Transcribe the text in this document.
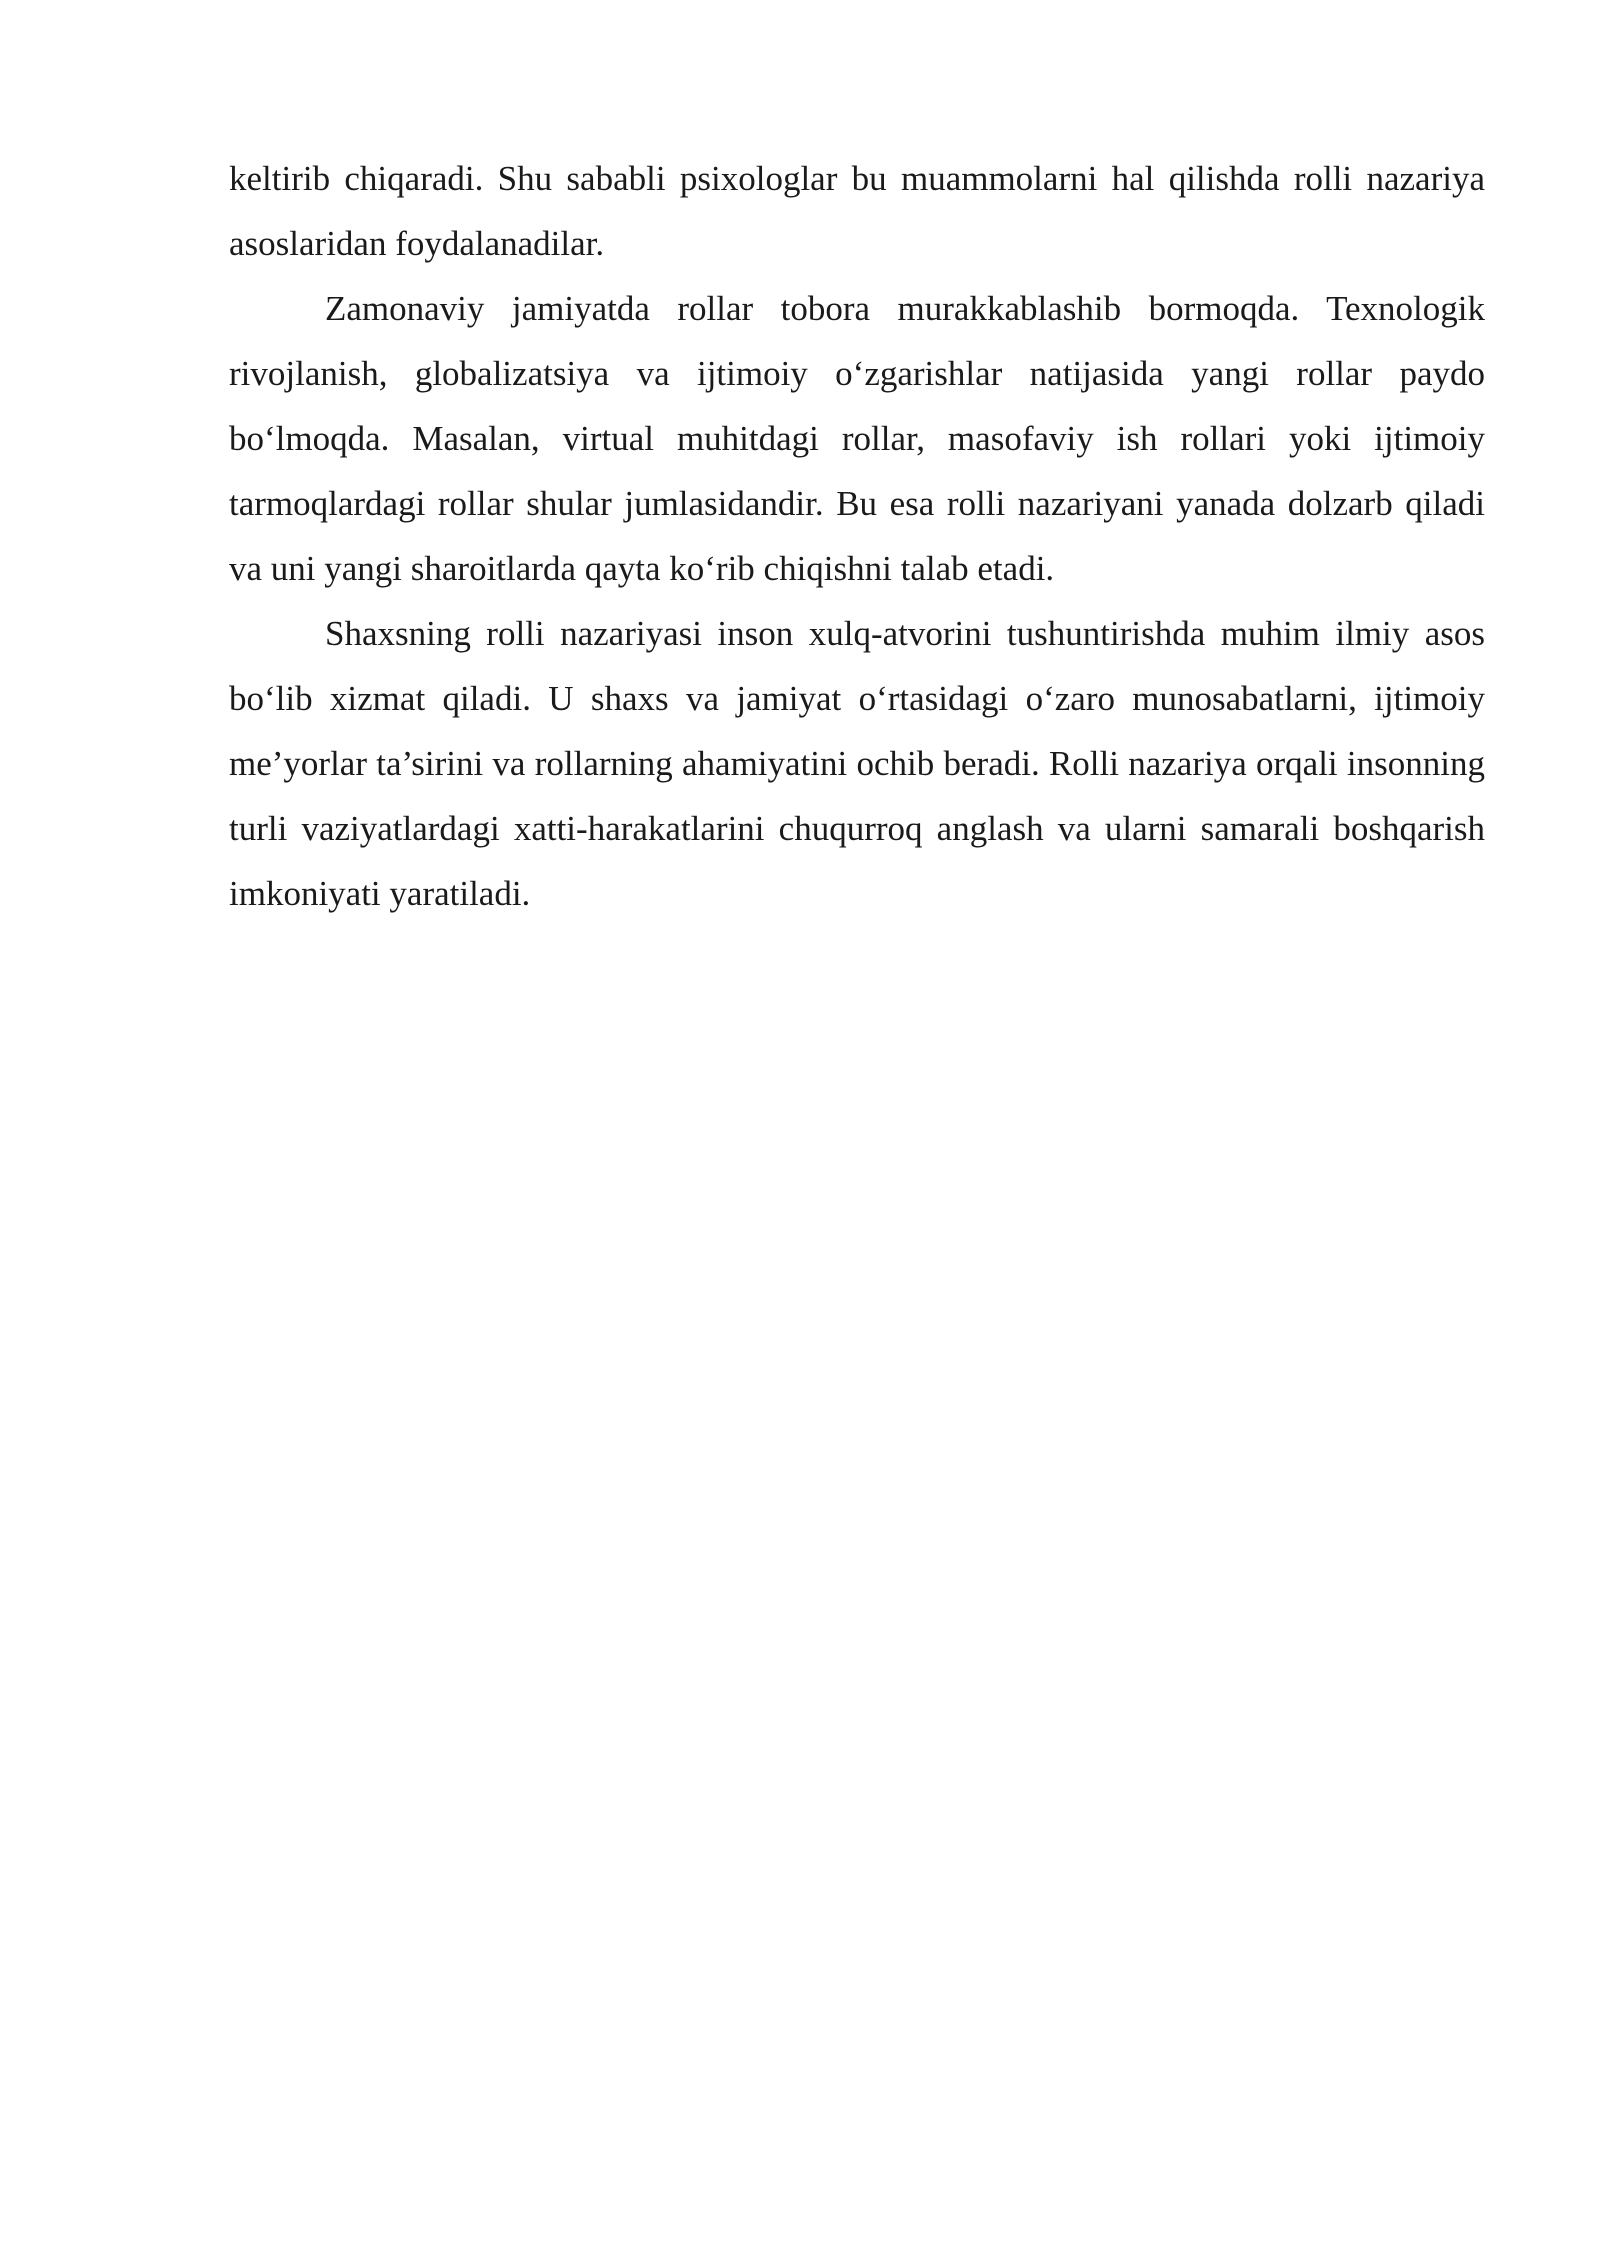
keltirib chiqaradi. Shu sababli psixologlar bu muammolarni hal qilishda rolli nazariya asoslaridan foydalanadilar.

Zamonaviy jamiyatda rollar tobora murakkablashib bormoqda. Texnologik rivojlanish, globalizatsiya va ijtimoiy o‘zgarishlar natijasida yangi rollar paydo bo‘lmoqda. Masalan, virtual muhitdagi rollar, masofaviy ish rollari yoki ijtimoiy tarmoqlardagi rollar shular jumlasidandir. Bu esa rolli nazariyani yanada dolzarb qiladi va uni yangi sharoitlarda qayta ko‘rib chiqishni talab etadi.

Shaxsning rolli nazariyasi inson xulq-atvorini tushuntirishda muhim ilmiy asos bo‘lib xizmat qiladi. U shaxs va jamiyat o‘rtasidagi o‘zaro munosabatlarni, ijtimoiy me’yorlar ta’sirini va rollarning ahamiyatini ochib beradi. Rolli nazariya orqali insonning turli vaziyatlardagi xatti-harakatlarini chuqurroq anglash va ularni samarali boshqarish imkoniyati yaratiladi.
